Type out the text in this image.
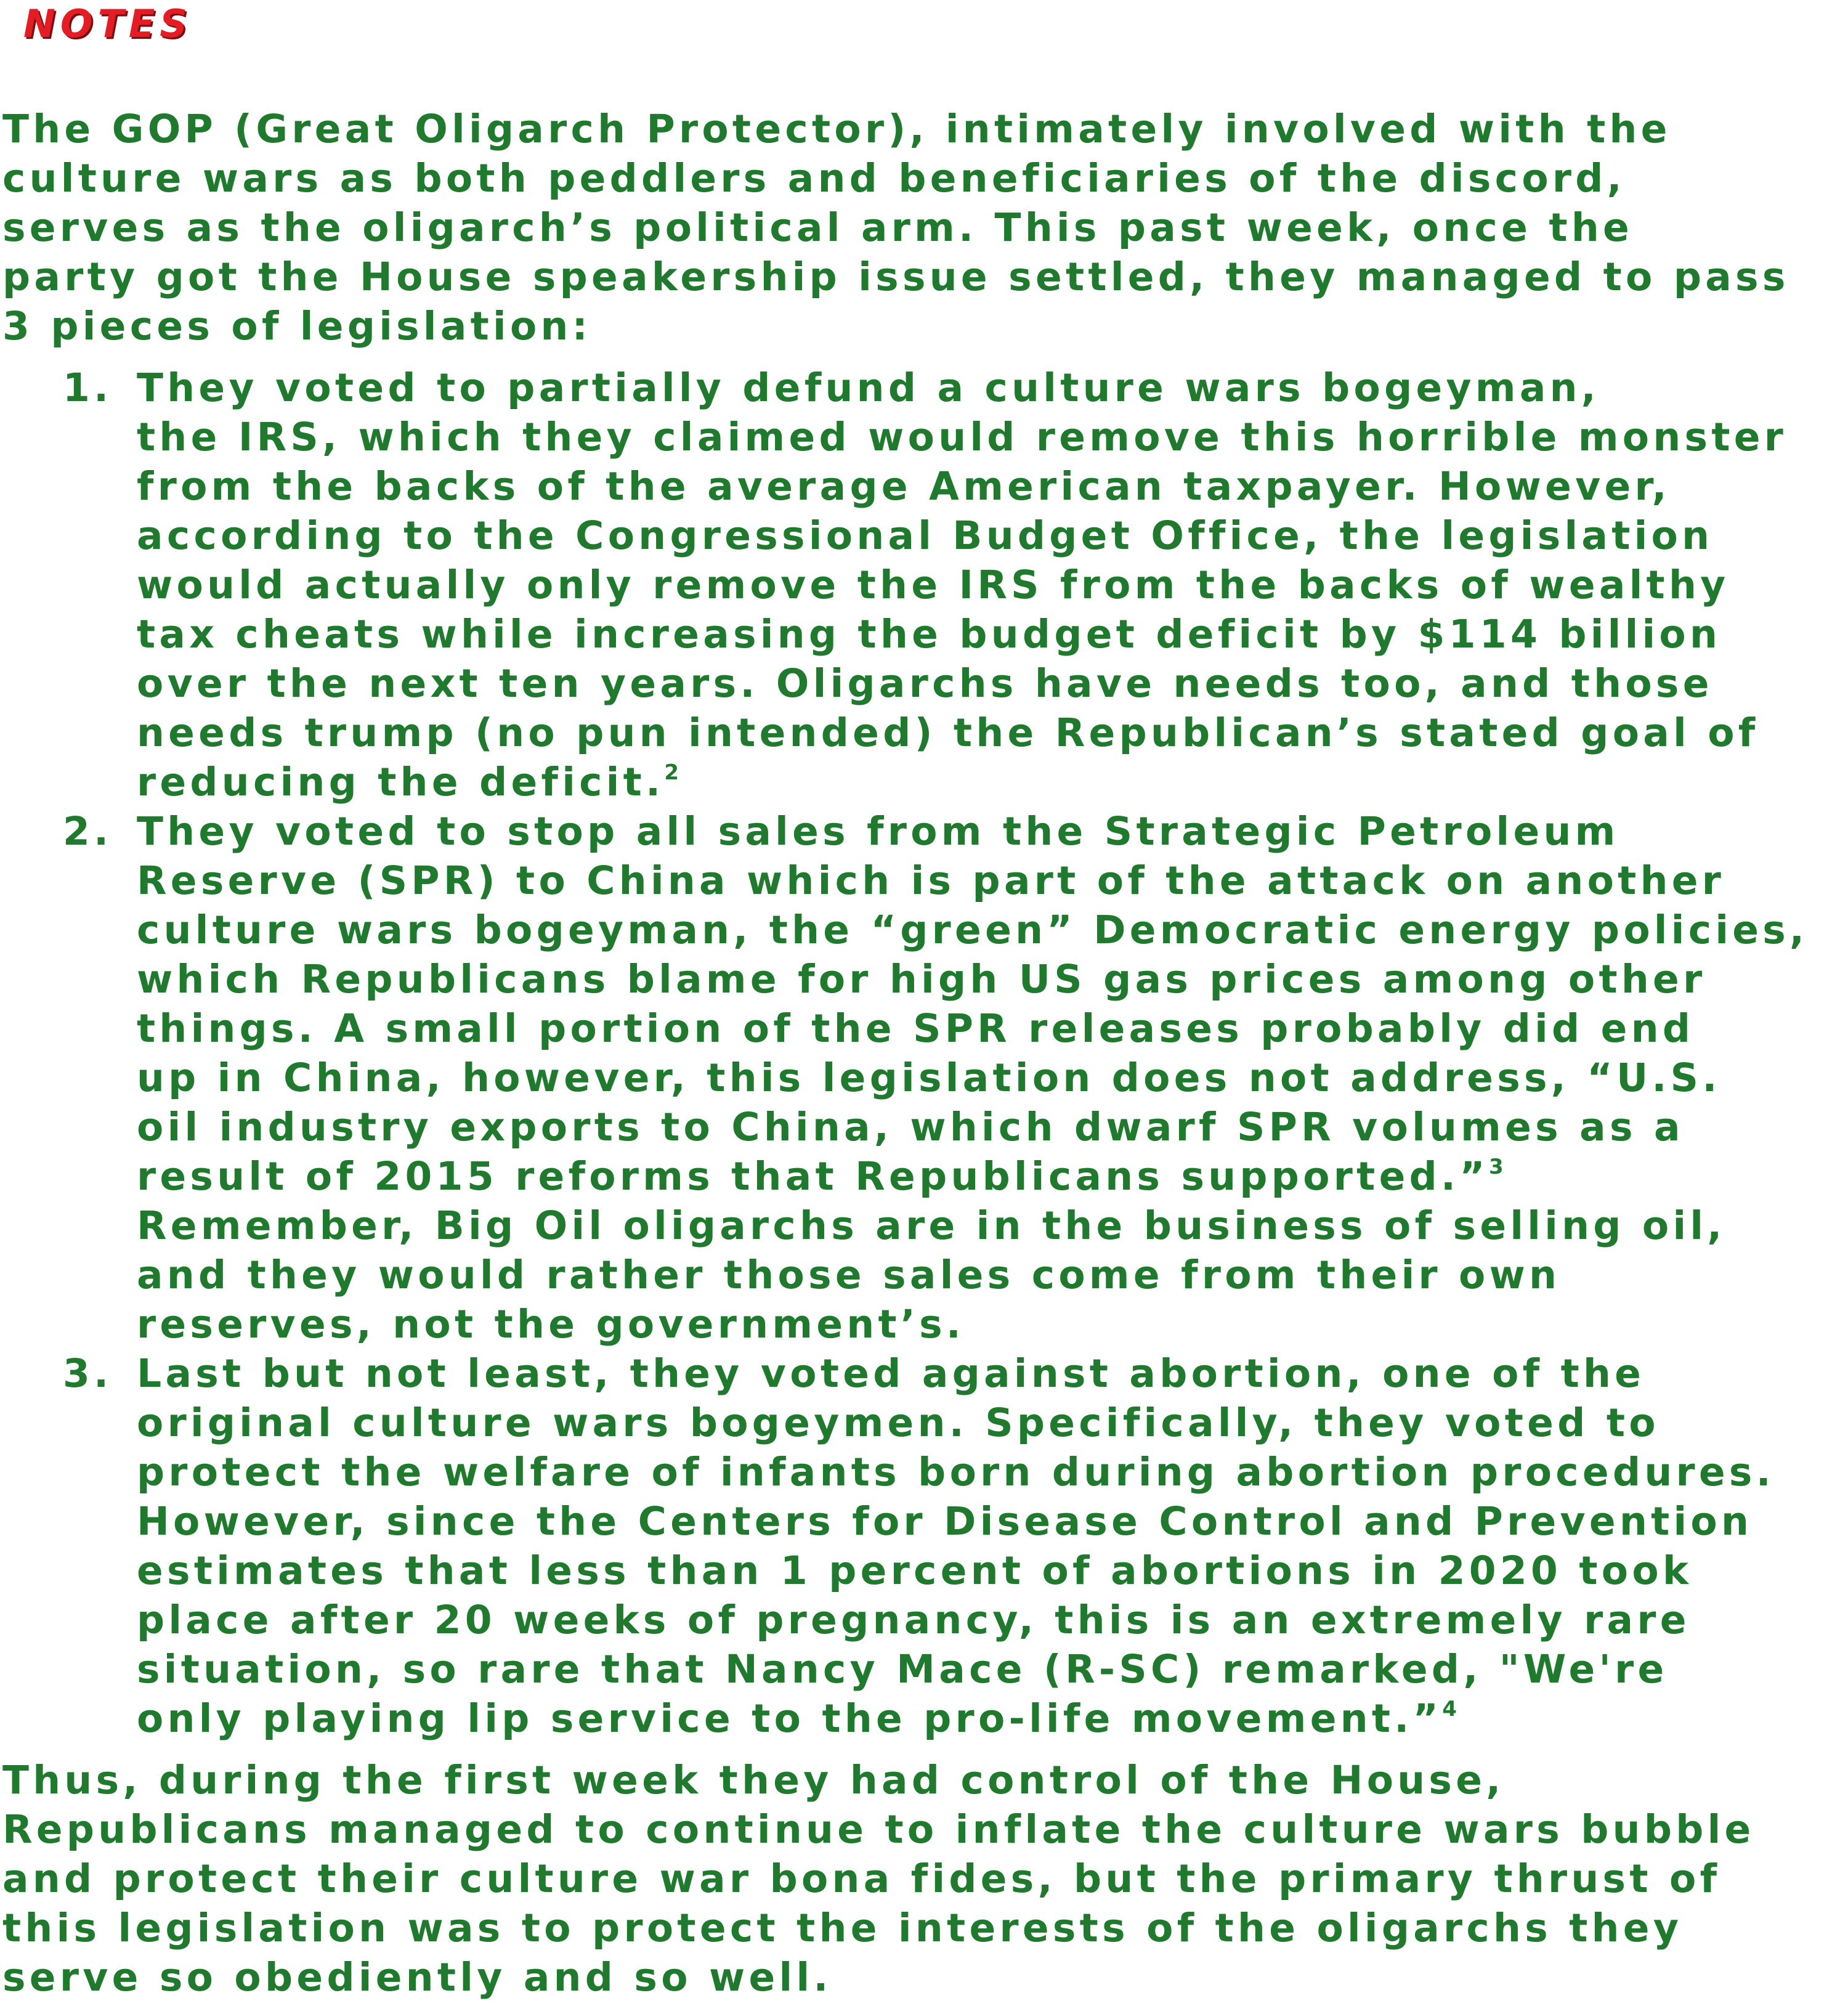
NOTES

The GOP (Great Oligarch Protector), intimately involved with the
culture wars as both peddlers and beneficiaries of the discord,
serves as the oligarch’s political arm. This past week, once the
party got the House speakership issue settled, they managed to pass
3 pieces of legislation:

1. They voted to partially defund a culture wars bogeyman,
the IRS, which they claimed would remove this horrible monster
from the backs of the average American taxpayer. However,
according to the Congressional Budget Office, the legislation
would actually only remove the IRS from the backs of wealthy
tax cheats while increasing the budget deficit by $114 billion
over the next ten years. Oligarchs have needs too, and those
needs trump (no pun intended) the Republican’s stated goal of
reducing the deficit.$^2$
2. They voted to stop all sales from the Strategic Petroleum
Reserve (SPR) to China which is part of the attack on another
culture wars bogeyman, the “green” Democratic energy policies,
which Republicans blame for high US gas prices among other
things. A small portion of the SPR releases probably did end
up in China, however, this legislation does not address, “U.S.
oil industry exports to China, which dwarf SPR volumes as a
result of 2015 reforms that Republicans supported.”$^3$
Remember, Big Oil oligarchs are in the business of selling oil,
and they would rather those sales come from their own
reserves, not the government’s.
3. Last but not least, they voted against abortion, one of the
original culture wars bogeymen. Specifically, they voted to
protect the welfare of infants born during abortion procedures.
However, since the Centers for Disease Control and Prevention
estimates that less than 1 percent of abortions in 2020 took
place after 20 weeks of pregnancy, this is an extremely rare
situation, so rare that Nancy Mace (R-SC) remarked, "We're
only playing lip service to the pro-life movement.”$^4$

Thus, during the first week they had control of the House,
Republicans managed to continue to inflate the culture wars bubble
and protect their culture war bona fides, but the primary thrust of
this legislation was to protect the interests of the oligarchs they
serve so obediently and so well.
